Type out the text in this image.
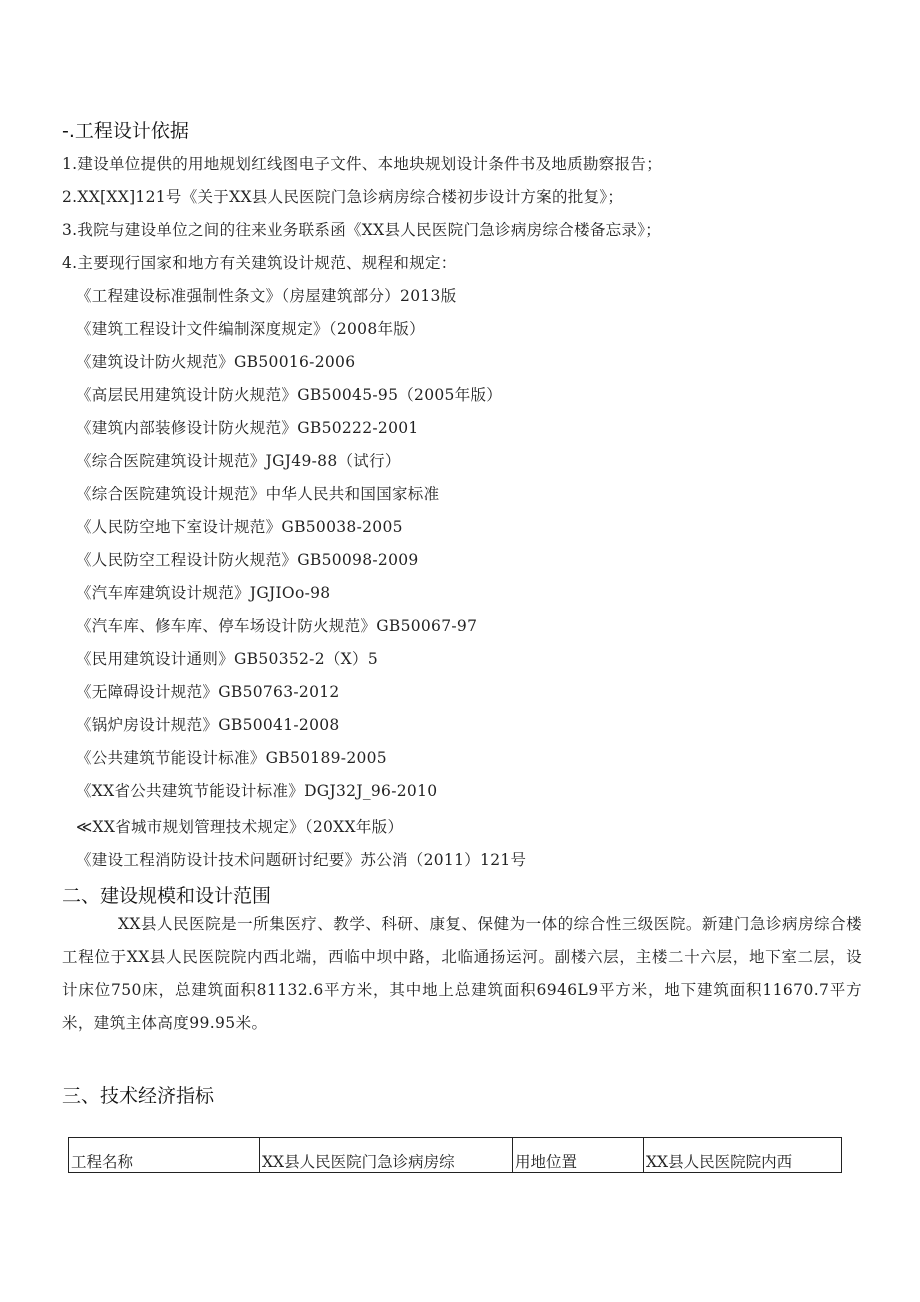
-.工程设计依据
1.建设单位提供的用地规划红线图电子文件、本地块规划设计条件书及地质勘察报告；
2.XX[XX]121号《关于XX县人民医院门急诊病房综合楼初步设计方案的批复》；
3.我院与建设单位之间的往来业务联系函《XX县人民医院门急诊病房综合楼备忘录》；
4.主要现行国家和地方有关建筑设计规范、规程和规定：
《工程建设标准强制性条文》（房屋建筑部分）2013版
《建筑工程设计文件编制深度规定》（2008年版）
《建筑设计防火规范》GB50016-2006
《高层民用建筑设计防火规范》GB50045-95（2005年版）
《建筑内部装修设计防火规范》GB50222-2001
《综合医院建筑设计规范》JGJ49-88（试行）
《综合医院建筑设计规范》中华人民共和国国家标准
《人民防空地下室设计规范》GB50038-2005
《人民防空工程设计防火规范》GB50098-2009
《汽车库建筑设计规范》JGJIOo-98
《汽车库、修车库、停车场设计防火规范》GB50067-97
《民用建筑设计通则》GB50352-2（X）5
《无障碍设计规范》GB50763-2012
《锅炉房设计规范》GB50041-2008
《公共建筑节能设计标准》GB50189-2005
《XX省公共建筑节能设计标准》DGJ32J_96-2010
≪XX省城市规划管理技术规定》（20XX年版）
《建设工程消防设计技术问题研讨纪要》苏公消（2011）121号
二、建设规模和设计范围

XX县人民医院是一所集医疗、教学、科研、康复、保健为一体的综合性三级医院。新建门急诊病房综合楼工程位于XX县人民医院院内西北端，西临中坝中路，北临通扬运河。副楼六层，主楼二十六层，地下室二层，设计床位750床，总建筑面积81132.6平方米，其中地上总建筑面积6946L9平方米，地下建筑面积11670.7平方米，建筑主体高度99.95米。

三、技术经济指标
工程名称	XX县人民医院门急诊病房综	用地位置	XX县人民医院院内西
